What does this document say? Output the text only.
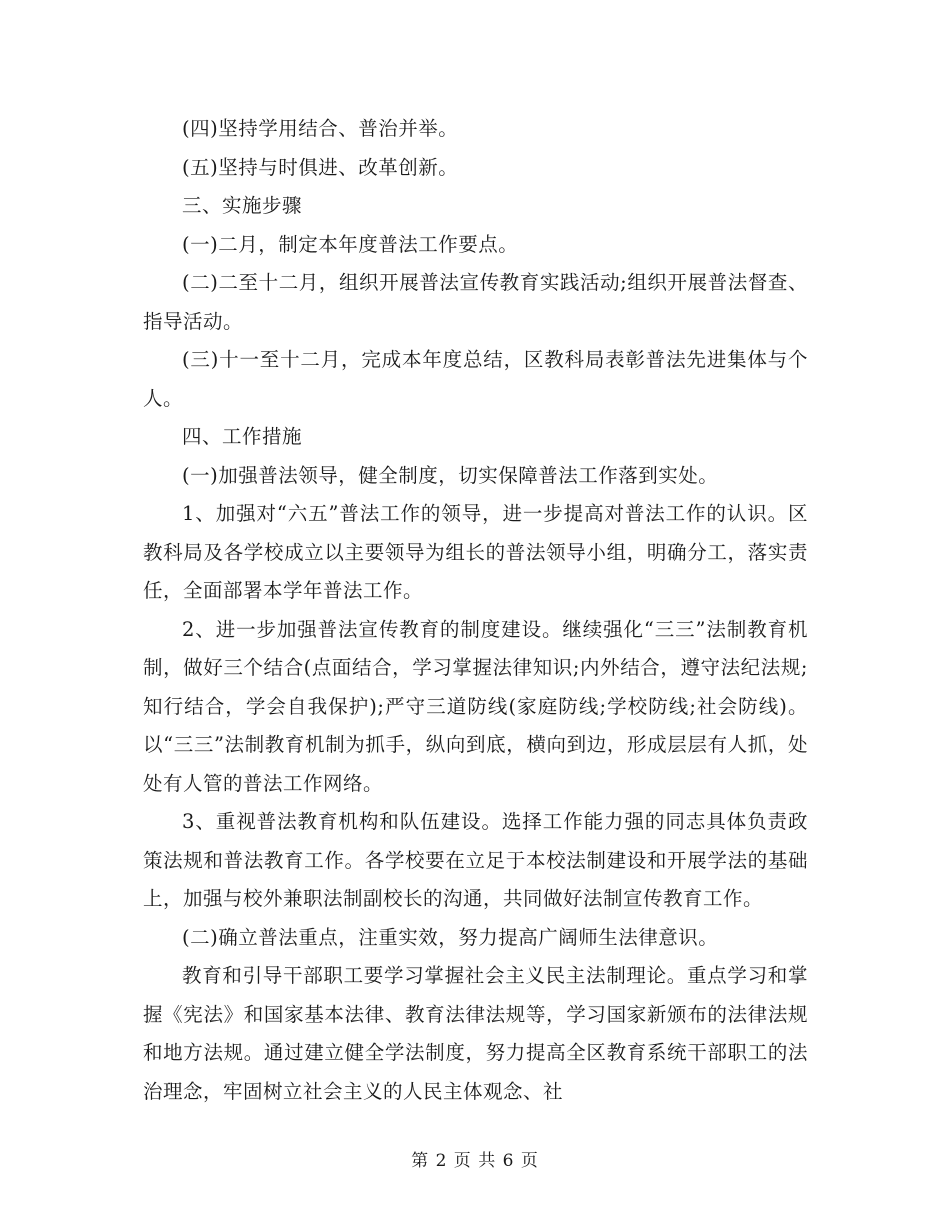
(四)坚持学用结合、普治并举。

(五)坚持与时俱进、改革创新。

三、实施步骤

(一)二月，制定本年度普法工作要点。

(二)二至十二月，组织开展普法宣传教育实践活动;组织开展普法督查、指导活动。

(三)十一至十二月，完成本年度总结，区教科局表彰普法先进集体与个人。

四、工作措施

(一)加强普法领导，健全制度，切实保障普法工作落到实处。

1、加强对“六五”普法工作的领导，进一步提高对普法工作的认识。区教科局及各学校成立以主要领导为组长的普法领导小组，明确分工，落实责任，全面部署本学年普法工作。

2、进一步加强普法宣传教育的制度建设。继续强化“三三”法制教育机制，做好三个结合(点面结合，学习掌握法律知识;内外结合，遵守法纪法规;知行结合，学会自我保护);严守三道防线(家庭防线;学校防线;社会防线)。以“三三”法制教育机制为抓手，纵向到底，横向到边，形成层层有人抓，处处有人管的普法工作网络。

3、重视普法教育机构和队伍建设。选择工作能力强的同志具体负责政策法规和普法教育工作。各学校要在立足于本校法制建设和开展学法的基础上，加强与校外兼职法制副校长的沟通，共同做好法制宣传教育工作。

(二)确立普法重点，注重实效，努力提高广阔师生法律意识。

教育和引导干部职工要学习掌握社会主义民主法制理论。重点学习和掌握《宪法》和国家基本法律、教育法律法规等，学习国家新颁布的法律法规和地方法规。通过建立健全学法制度，努力提高全区教育系统干部职工的法治理念，牢固树立社会主义的人民主体观念、社

第 2 页 共 6 页
